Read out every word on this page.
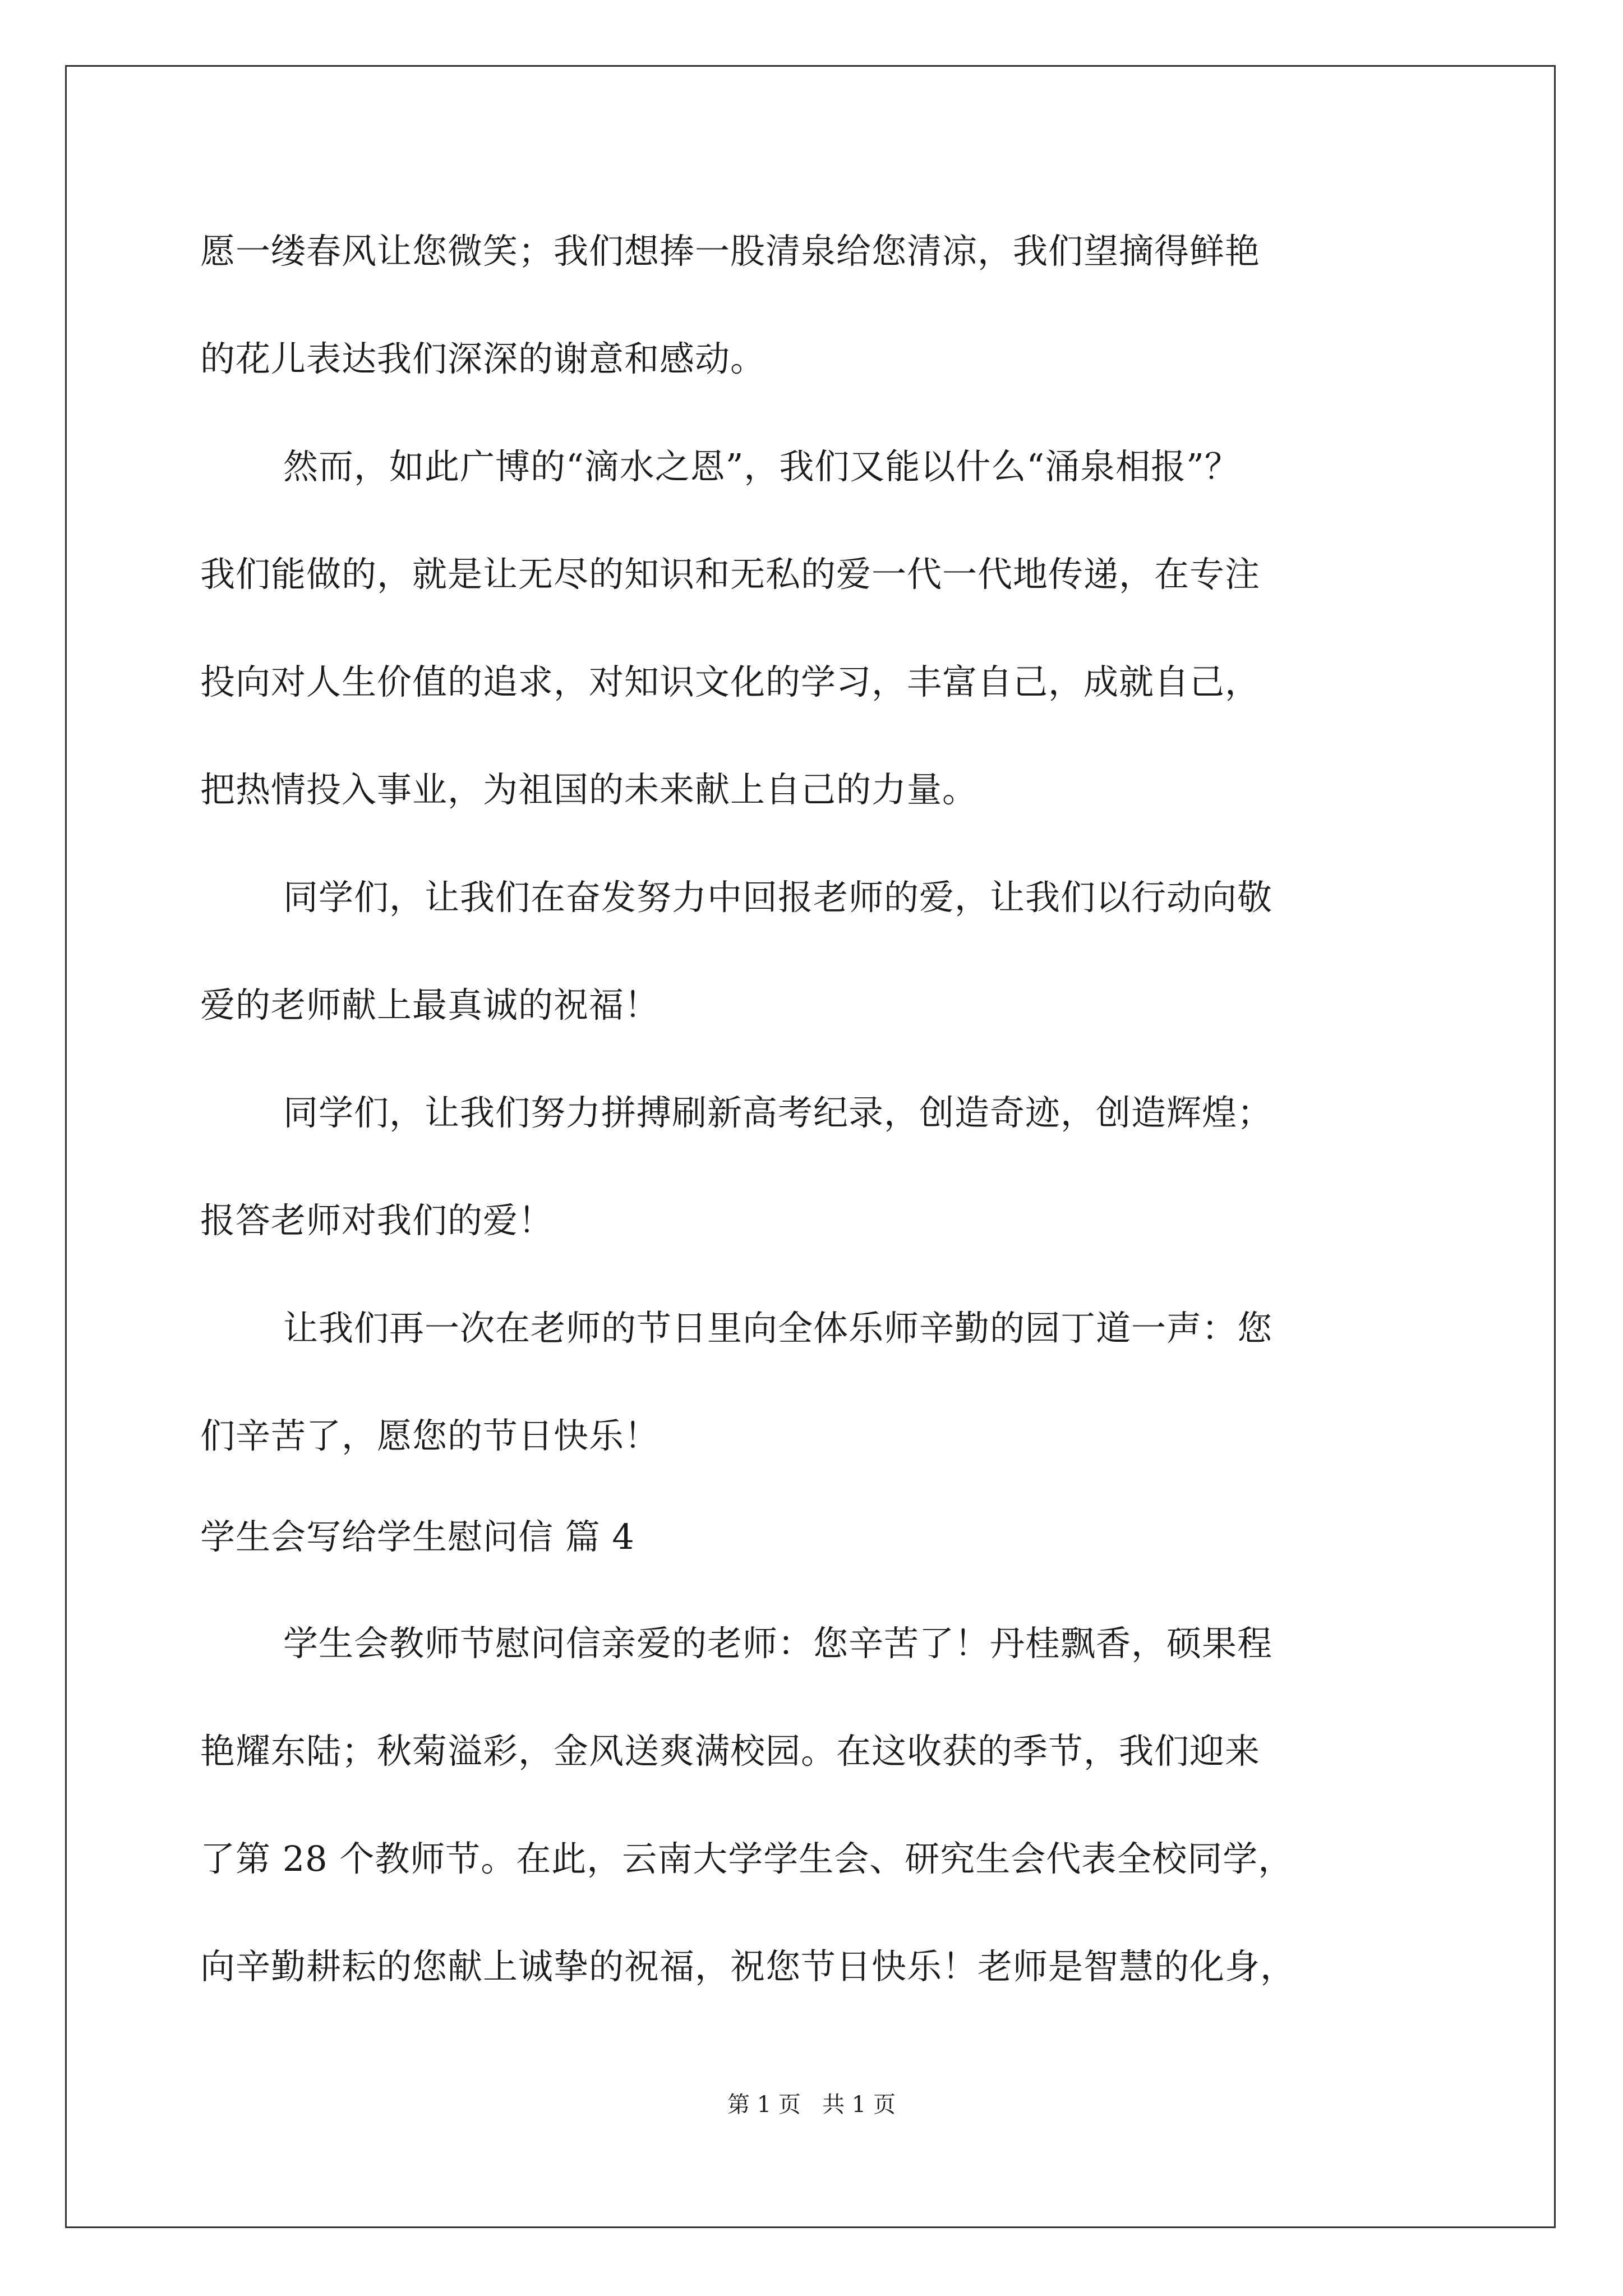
愿一缕春风让您微笑；我们想捧一股清泉给您清凉，我们望摘得鲜艳
的花儿表达我们深深的谢意和感动。
然而，如此广博的“滴水之恩”，我们又能以什么“涌泉相报”？
我们能做的，就是让无尽的知识和无私的爱一代一代地传递，在专注
投向对人生价值的追求，对知识文化的学习，丰富自己，成就自己，
把热情投入事业，为祖国的未来献上自己的力量。
同学们，让我们在奋发努力中回报老师的爱，让我们以行动向敬
爱的老师献上最真诚的祝福！
同学们，让我们努力拼搏刷新高考纪录，创造奇迹，创造辉煌；
报答老师对我们的爱！
让我们再一次在老师的节日里向全体乐师辛勤的园丁道一声：您
们辛苦了，愿您的节日快乐！
学生会写给学生慰问信 篇 4
学生会教师节慰问信亲爱的老师：您辛苦了！丹桂飘香，硕果程
艳耀东陆；秋菊溢彩，金风送爽满校园。在这收获的季节，我们迎来
了第 28 个教师节。在此，云南大学学生会、研究生会代表全校同学，
向辛勤耕耘的您献上诚挚的祝福，祝您节日快乐！老师是智慧的化身，
第 1 页   共 1 页
